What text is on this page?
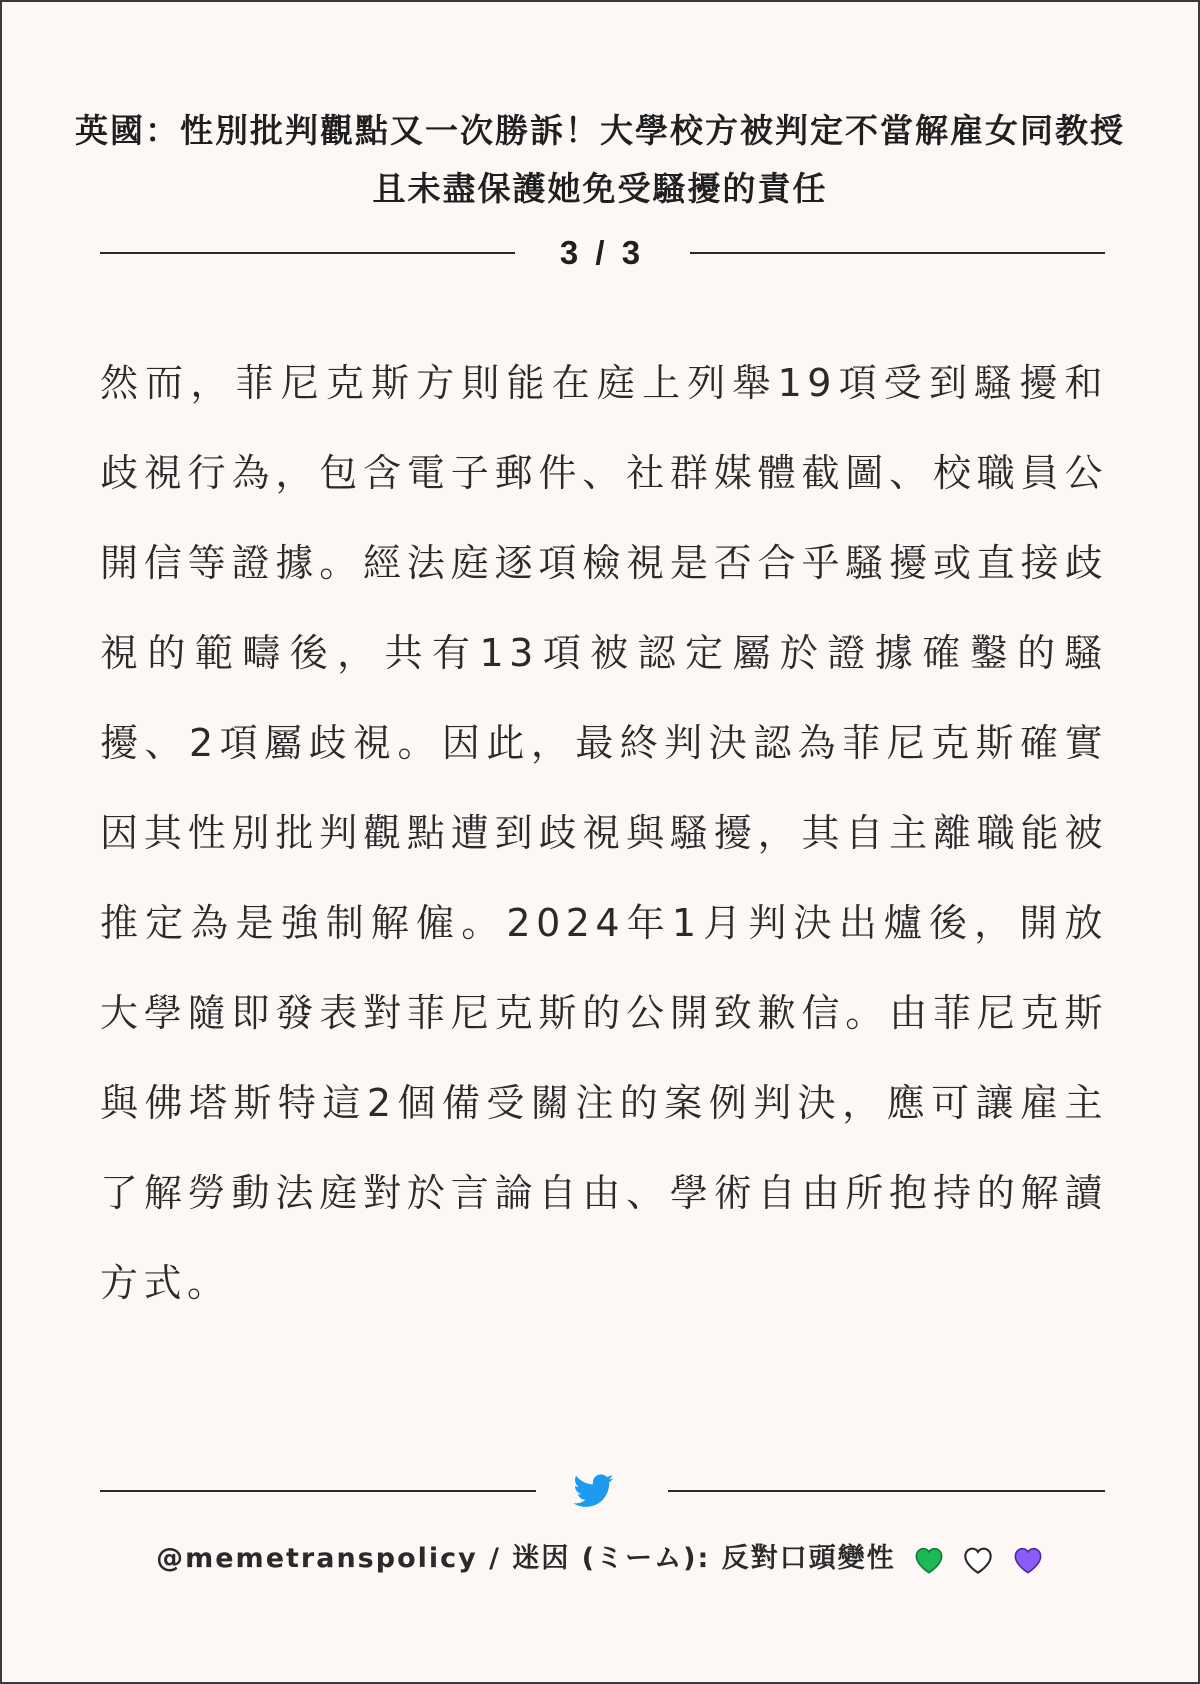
英國：性別批判觀點又一次勝訴！大學校方被判定不當解雇女同教授且未盡保護她免受騷擾的責任
3 / 3

然而，菲尼克斯方則能在庭上列舉19項受到騷擾和歧視行為，包含電子郵件、社群媒體截圖、校職員公開信等證據。經法庭逐項檢視是否合乎騷擾或直接歧視的範疇後，共有13項被認定屬於證據確鑿的騷擾、2項屬歧視。因此，最終判決認為菲尼克斯確實因其性別批判觀點遭到歧視與騷擾，其自主離職能被推定為是強制解僱。2024年1月判決出爐後，開放大學隨即發表對菲尼克斯的公開致歉信。由菲尼克斯與佛塔斯特這2個備受關注的案例判決，應可讓雇主了解勞動法庭對於言論自由、學術自由所抱持的解讀方式。

@memetranspolicy / 迷因 (ミーム): 反對口頭變性
